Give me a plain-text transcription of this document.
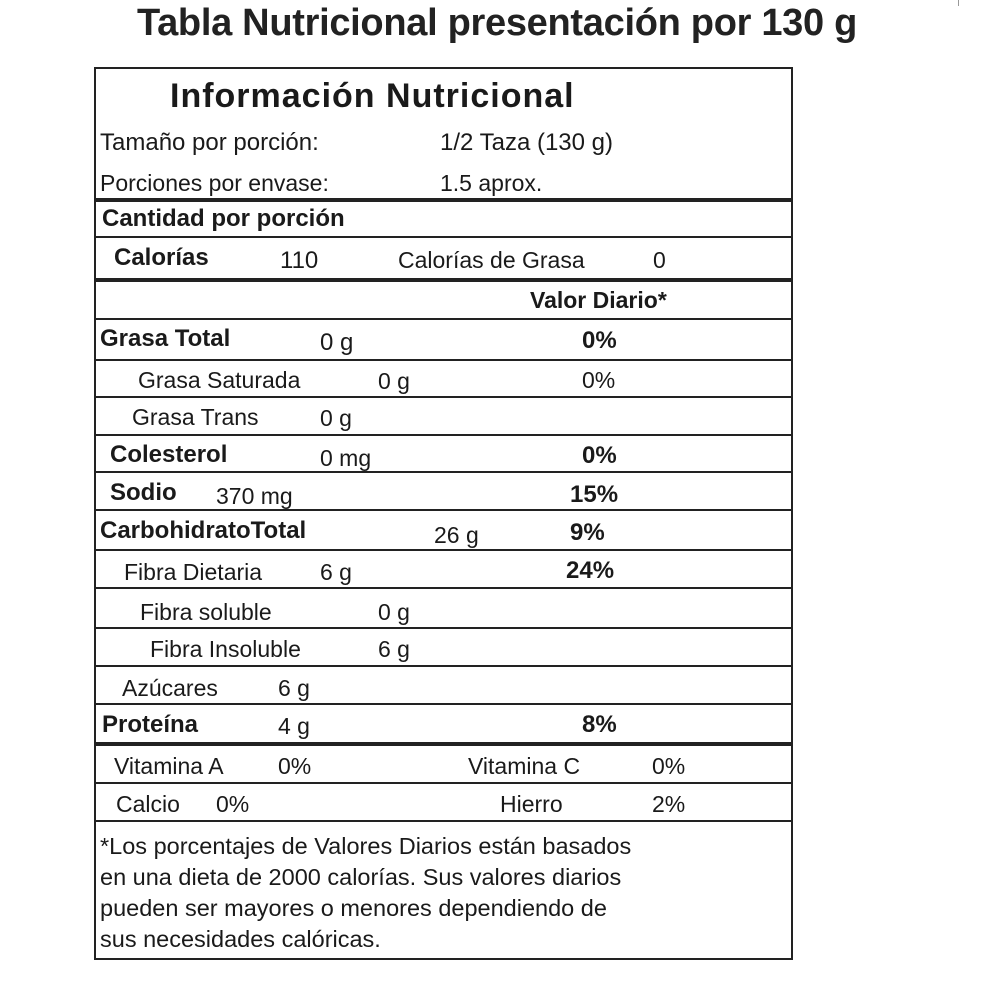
Tabla Nutricional presentación por 130 g
Información Nutricional
Tamaño por porción:	1/2 Taza (130 g)
Porciones por envase:	1.5 aprox.
Cantidad por porción
Calorías	110	Calorías de Grasa	0
Valor Diario*
Grasa Total	0 g	0%
Grasa Saturada	0 g	0%
Grasa Trans	0 g
Colesterol	0 mg	0%
Sodio 370 mg	15%
CarbohidratoTotal	26 g	9%
Fibra Dietaria	6 g	24%
Fibra soluble	0 g
Fibra Insoluble	6 g
Azúcares	6 g
Proteína	4 g	8%
Vitamina A 0%	Vitamina C	0%
Calcio 0%	Hierro	2%
*Los porcentajes de Valores Diarios están basados
en una dieta de 2000 calorías. Sus valores diarios
pueden ser mayores o menores dependiendo de
sus necesidades calóricas.
